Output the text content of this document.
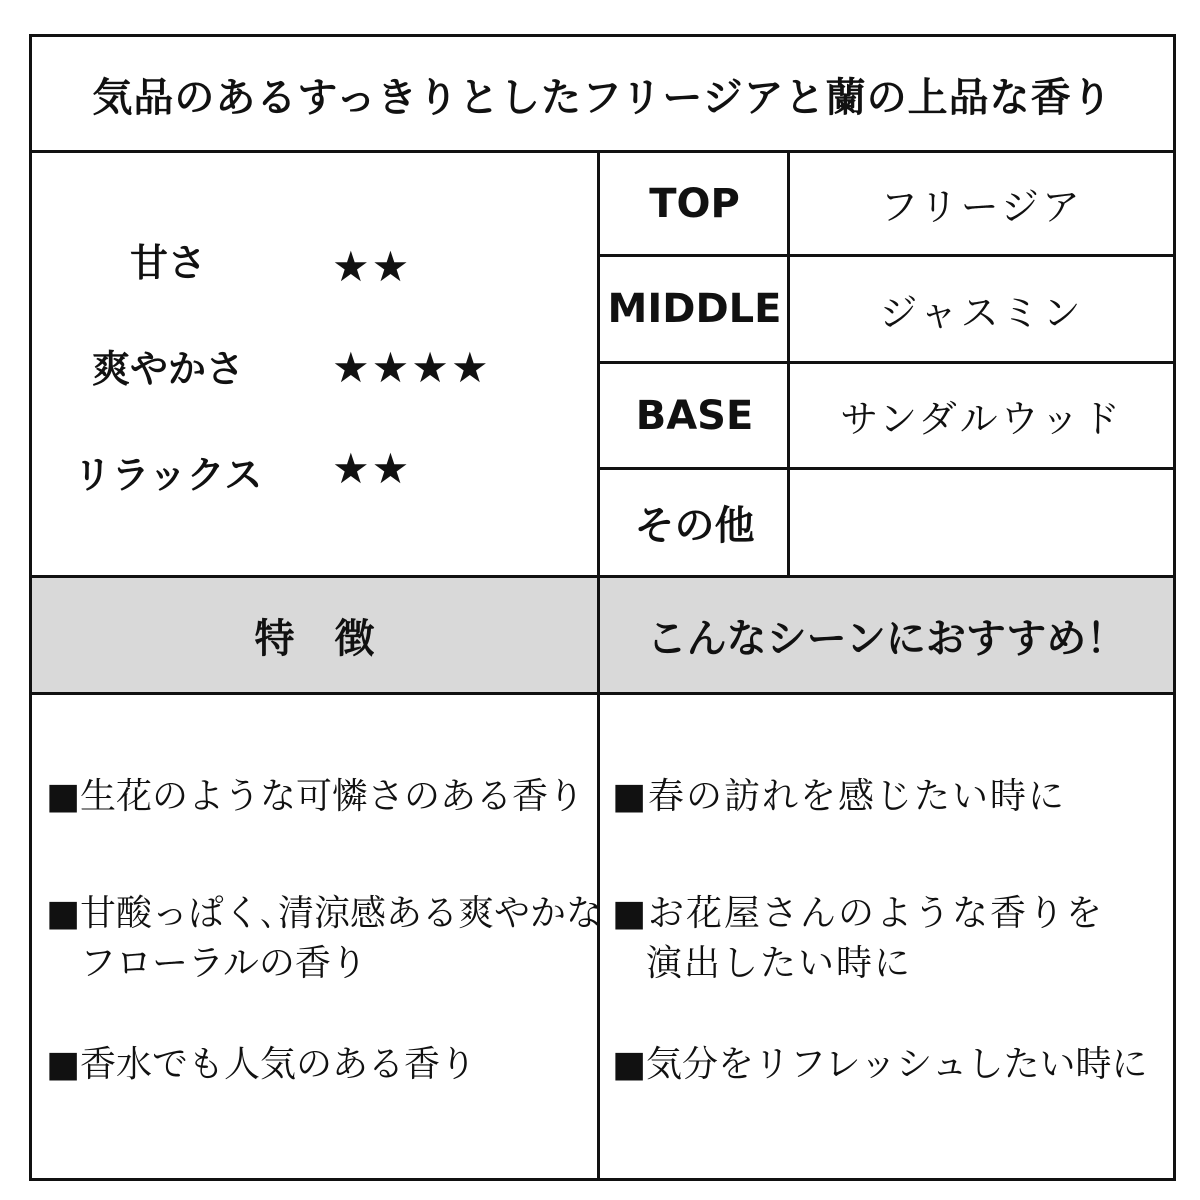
気品のあるすっきりとしたフリージアと蘭の上品な香り
甘さ	★★
爽やかさ	★★★★
リラックス	★★
TOP	フリージア
MIDDLE	ジャスミン
BASE	サンダルウッド
その他
特　徴	こんなシーンにおすすめ！
■生花のような可憐さのある香り
■甘酸っぱく､清涼感ある爽やかな
フローラルの香り
■香水でも人気のある香り
■春の訪れを感じたい時に
■お花屋さんのような香りを
演出したい時に
■気分をリフレッシュしたい時に
